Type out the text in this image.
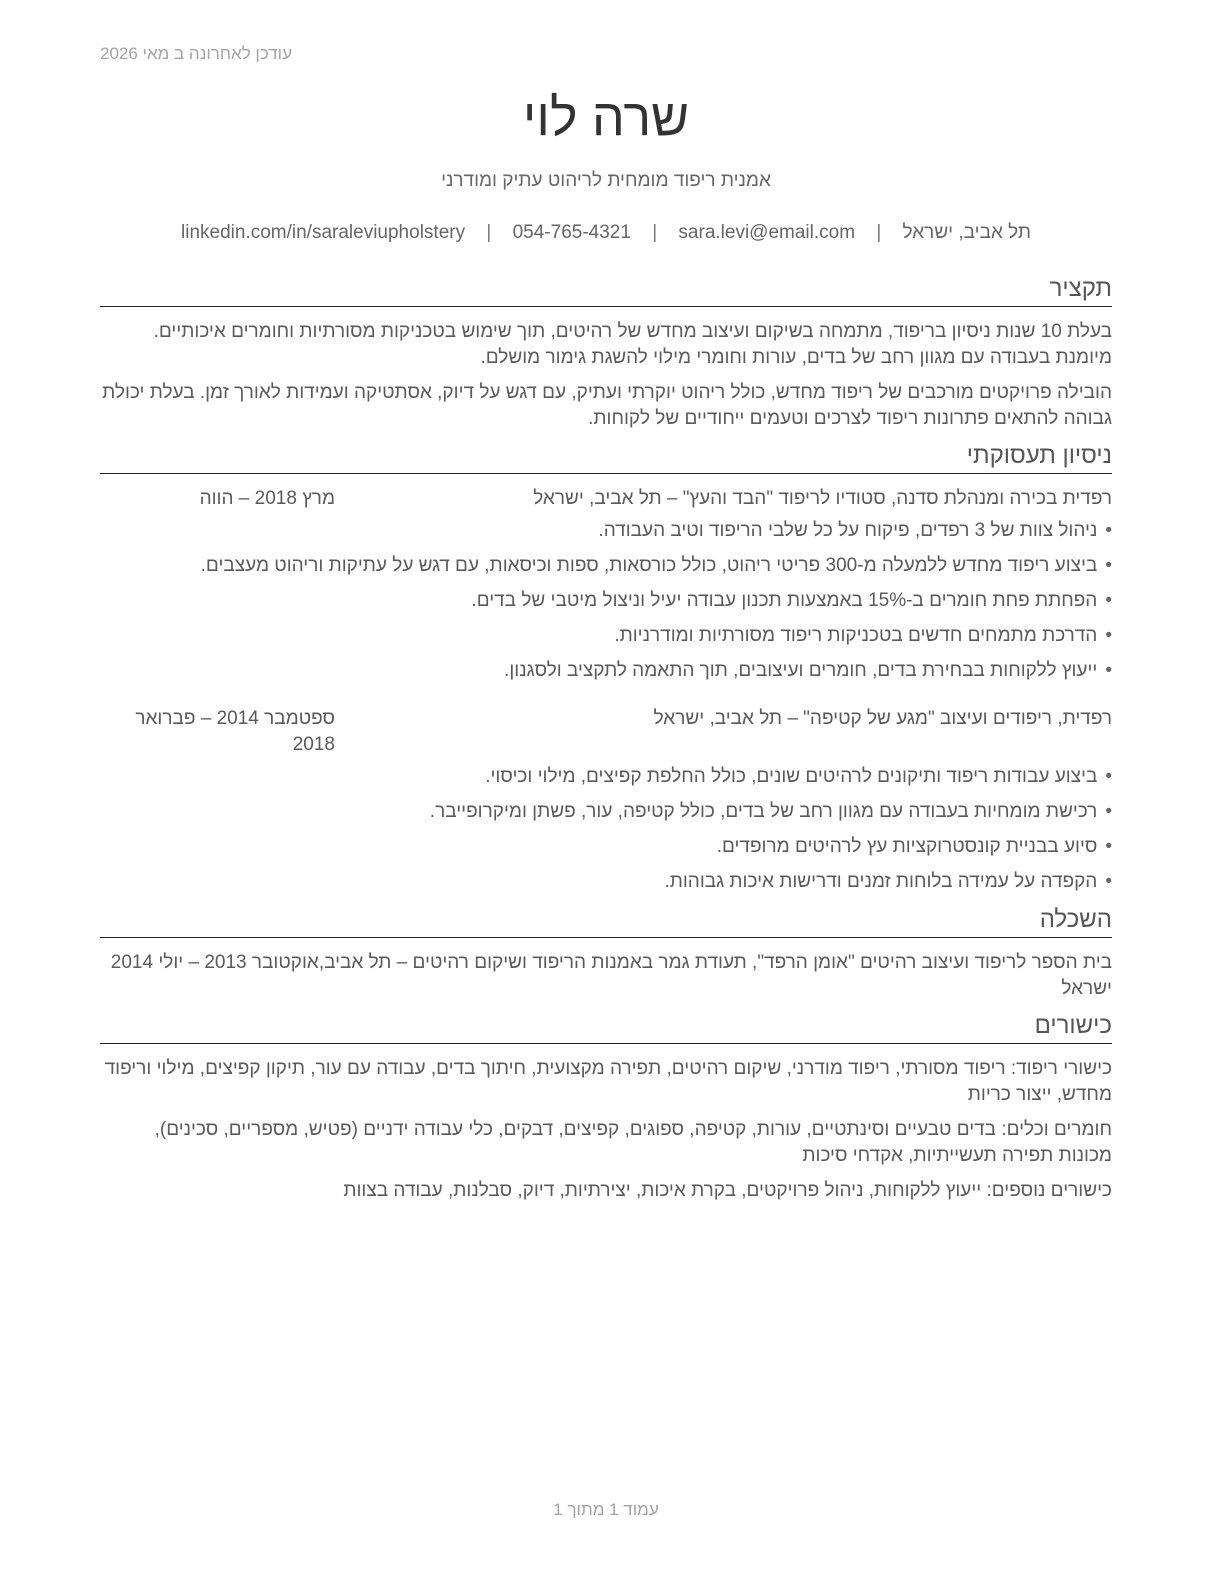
עודכן לאחרונה ב מאי 2026
שרה לוי
אמנית ריפוד מומחית לריהוט עתיק ומודרני
תל אביב, ישראל | sara.levi@email.com | 054-765-4321 | linkedin.com/in/saraleviupholstery
תקציר

בעלת 10 שנות ניסיון בריפוד, מתמחה בשיקום ועיצוב מחדש של רהיטים, תוך שימוש בטכניקות מסורתיות וחומרים איכותיים. מיומנת בעבודה עם מגוון רחב של בדים, עורות וחומרי מילוי להשגת גימור מושלם.

הובילה פרויקטים מורכבים של ריפוד מחדש, כולל ריהוט יוקרתי ועתיק, עם דגש על דיוק, אסתטיקה ועמידות לאורך זמן. בעלת יכולת גבוהה להתאים פתרונות ריפוד לצרכים וטעמים ייחודיים של לקוחות.

ניסיון תעסוקתי
רפדית בכירה ומנהלת סדנה, סטודיו לריפוד "הבד והעץ" – תל אביב, ישראל
מרץ 2018 – הווה
• ניהול צוות של 3 רפדים, פיקוח על כל שלבי הריפוד וטיב העבודה.
• ביצוע ריפוד מחדש ללמעלה מ-300 פריטי ריהוט, כולל כורסאות, ספות וכיסאות, עם דגש על עתיקות וריהוט מעצבים.
• הפחתת פחת חומרים ב-15% באמצעות תכנון עבודה יעיל וניצול מיטבי של בדים.
• הדרכת מתמחים חדשים בטכניקות ריפוד מסורתיות ומודרניות.
• ייעוץ ללקוחות בבחירת בדים, חומרים ועיצובים, תוך התאמה לתקציב ולסגנון.
רפדית, ריפודים ועיצוב "מגע של קטיפה" – תל אביב, ישראל
ספטמבר 2014 – פברואר 2018
• ביצוע עבודות ריפוד ותיקונים לרהיטים שונים, כולל החלפת קפיצים, מילוי וכיסוי.
• רכישת מומחיות בעבודה עם מגוון רחב של בדים, כולל קטיפה, עור, פשתן ומיקרופייבר.
• סיוע בבניית קונסטרוקציות עץ לרהיטים מרופדים.
• הקפדה על עמידה בלוחות זמנים ודרישות איכות גבוהות.
השכלה

בית הספר לריפוד ועיצוב רהיטים "אומן הרפד", תעודת גמר באמנות הריפוד ושיקום רהיטים – תל אביב,אוקטובר 2013 – יולי 2014 ישראל

כישורים

כישורי ריפוד: ריפוד מסורתי, ריפוד מודרני, שיקום רהיטים, תפירה מקצועית, חיתוך בדים, עבודה עם עור, תיקון קפיצים, מילוי וריפוד מחדש, ייצור כריות

חומרים וכלים: בדים טבעיים וסינתטיים, עורות, קטיפה, ספוגים, קפיצים, דבקים, כלי עבודה ידניים (פטיש, מספריים, סכינים), מכונות תפירה תעשייתיות, אקדחי סיכות

כישורים נוספים: ייעוץ ללקוחות, ניהול פרויקטים, בקרת איכות, יצירתיות, דיוק, סבלנות, עבודה בצוות

עמוד 1 מתוך 1
